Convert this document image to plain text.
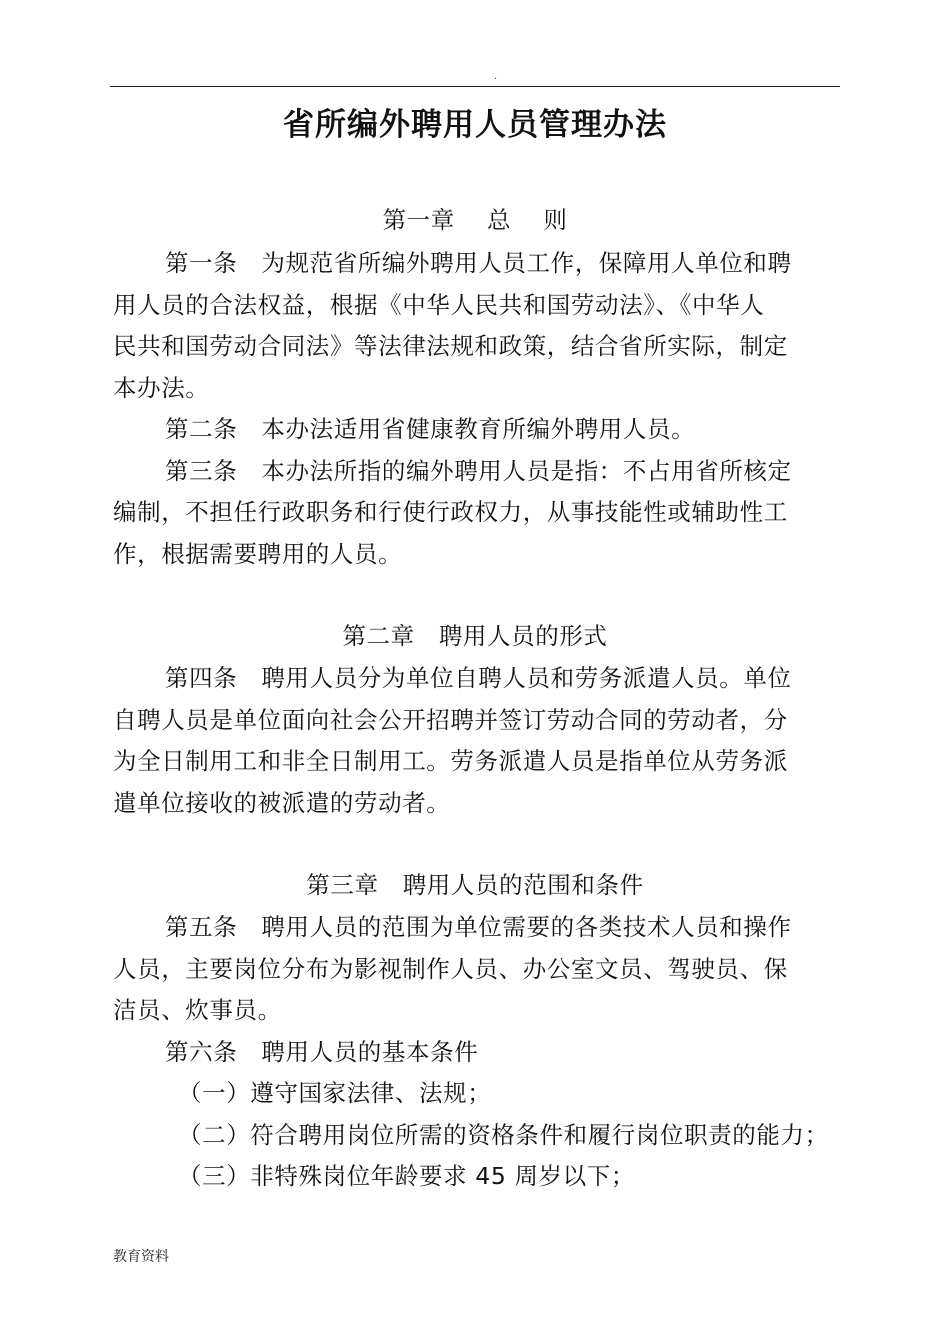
.
省所编外聘用人员管理办法
第一章　 总　 则
第一条　为规范省所编外聘用人员工作，保障用人单位和聘
用人员的合法权益，根据《中华人民共和国劳动法》、《中华人
民共和国劳动合同法》等法律法规和政策，结合省所实际，制定
本办法。
第二条　本办法适用省健康教育所编外聘用人员。
第三条　本办法所指的编外聘用人员是指：不占用省所核定
编制，不担任行政职务和行使行政权力，从事技能性或辅助性工
作，根据需要聘用的人员。
第二章　聘用人员的形式
第四条　聘用人员分为单位自聘人员和劳务派遣人员。单位
自聘人员是单位面向社会公开招聘并签订劳动合同的劳动者，分
为全日制用工和非全日制用工。劳务派遣人员是指单位从劳务派
遣单位接收的被派遣的劳动者。
第三章　聘用人员的范围和条件
第五条　聘用人员的范围为单位需要的各类技术人员和操作
人员，主要岗位分布为影视制作人员、办公室文员、驾驶员、保
洁员、炊事员。
第六条　聘用人员的基本条件
（一）遵守国家法律、法规；
（二）符合聘用岗位所需的资格条件和履行岗位职责的能力；
（三）非特殊岗位年龄要求 45 周岁以下；
教育资料
